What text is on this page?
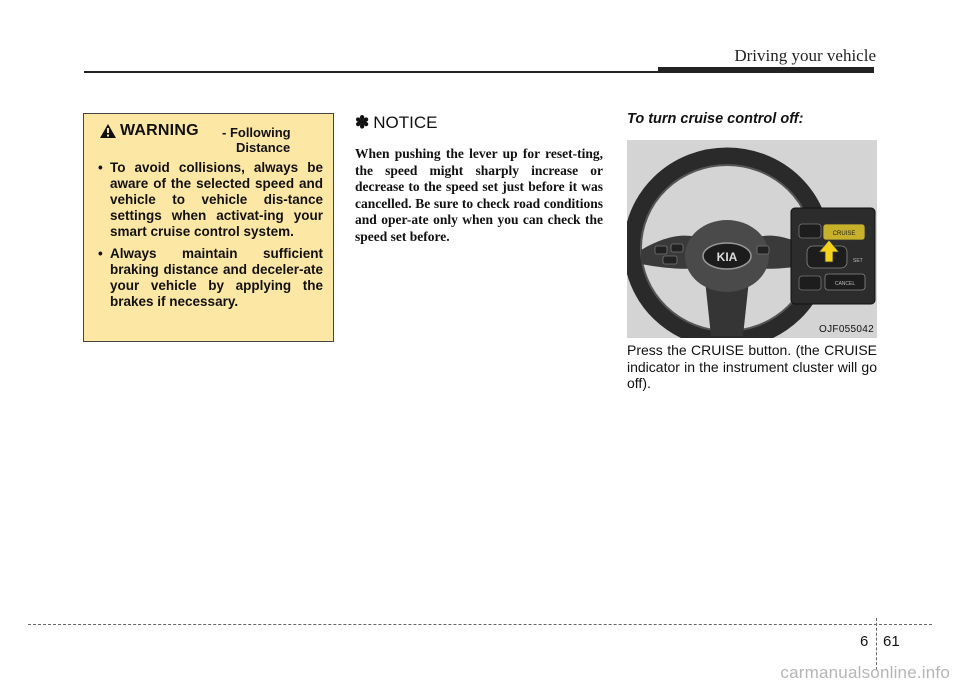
Driving your vehicle
WARNING - Following
Distance
• To avoid collisions, always be aware of the selected speed and vehicle to vehicle dis-tance settings when activat-ing your smart cruise control system.
• Always maintain sufficient braking distance and deceler-ate your vehicle by applying the brakes if necessary.
✽ NOTICE

When pushing the lever up for reset-ting, the speed might sharply increase or decrease to the speed set just before it was cancelled. Be sure to check road conditions and oper-ate only when you can check the speed set before.

To turn cruise control off:
KIA
CRUISE
SET
CANCEL
OJF055042

Press the CRUISE button. (the CRUISE indicator in the instrument cluster will go off).

6 61
carmanualsonline.info
